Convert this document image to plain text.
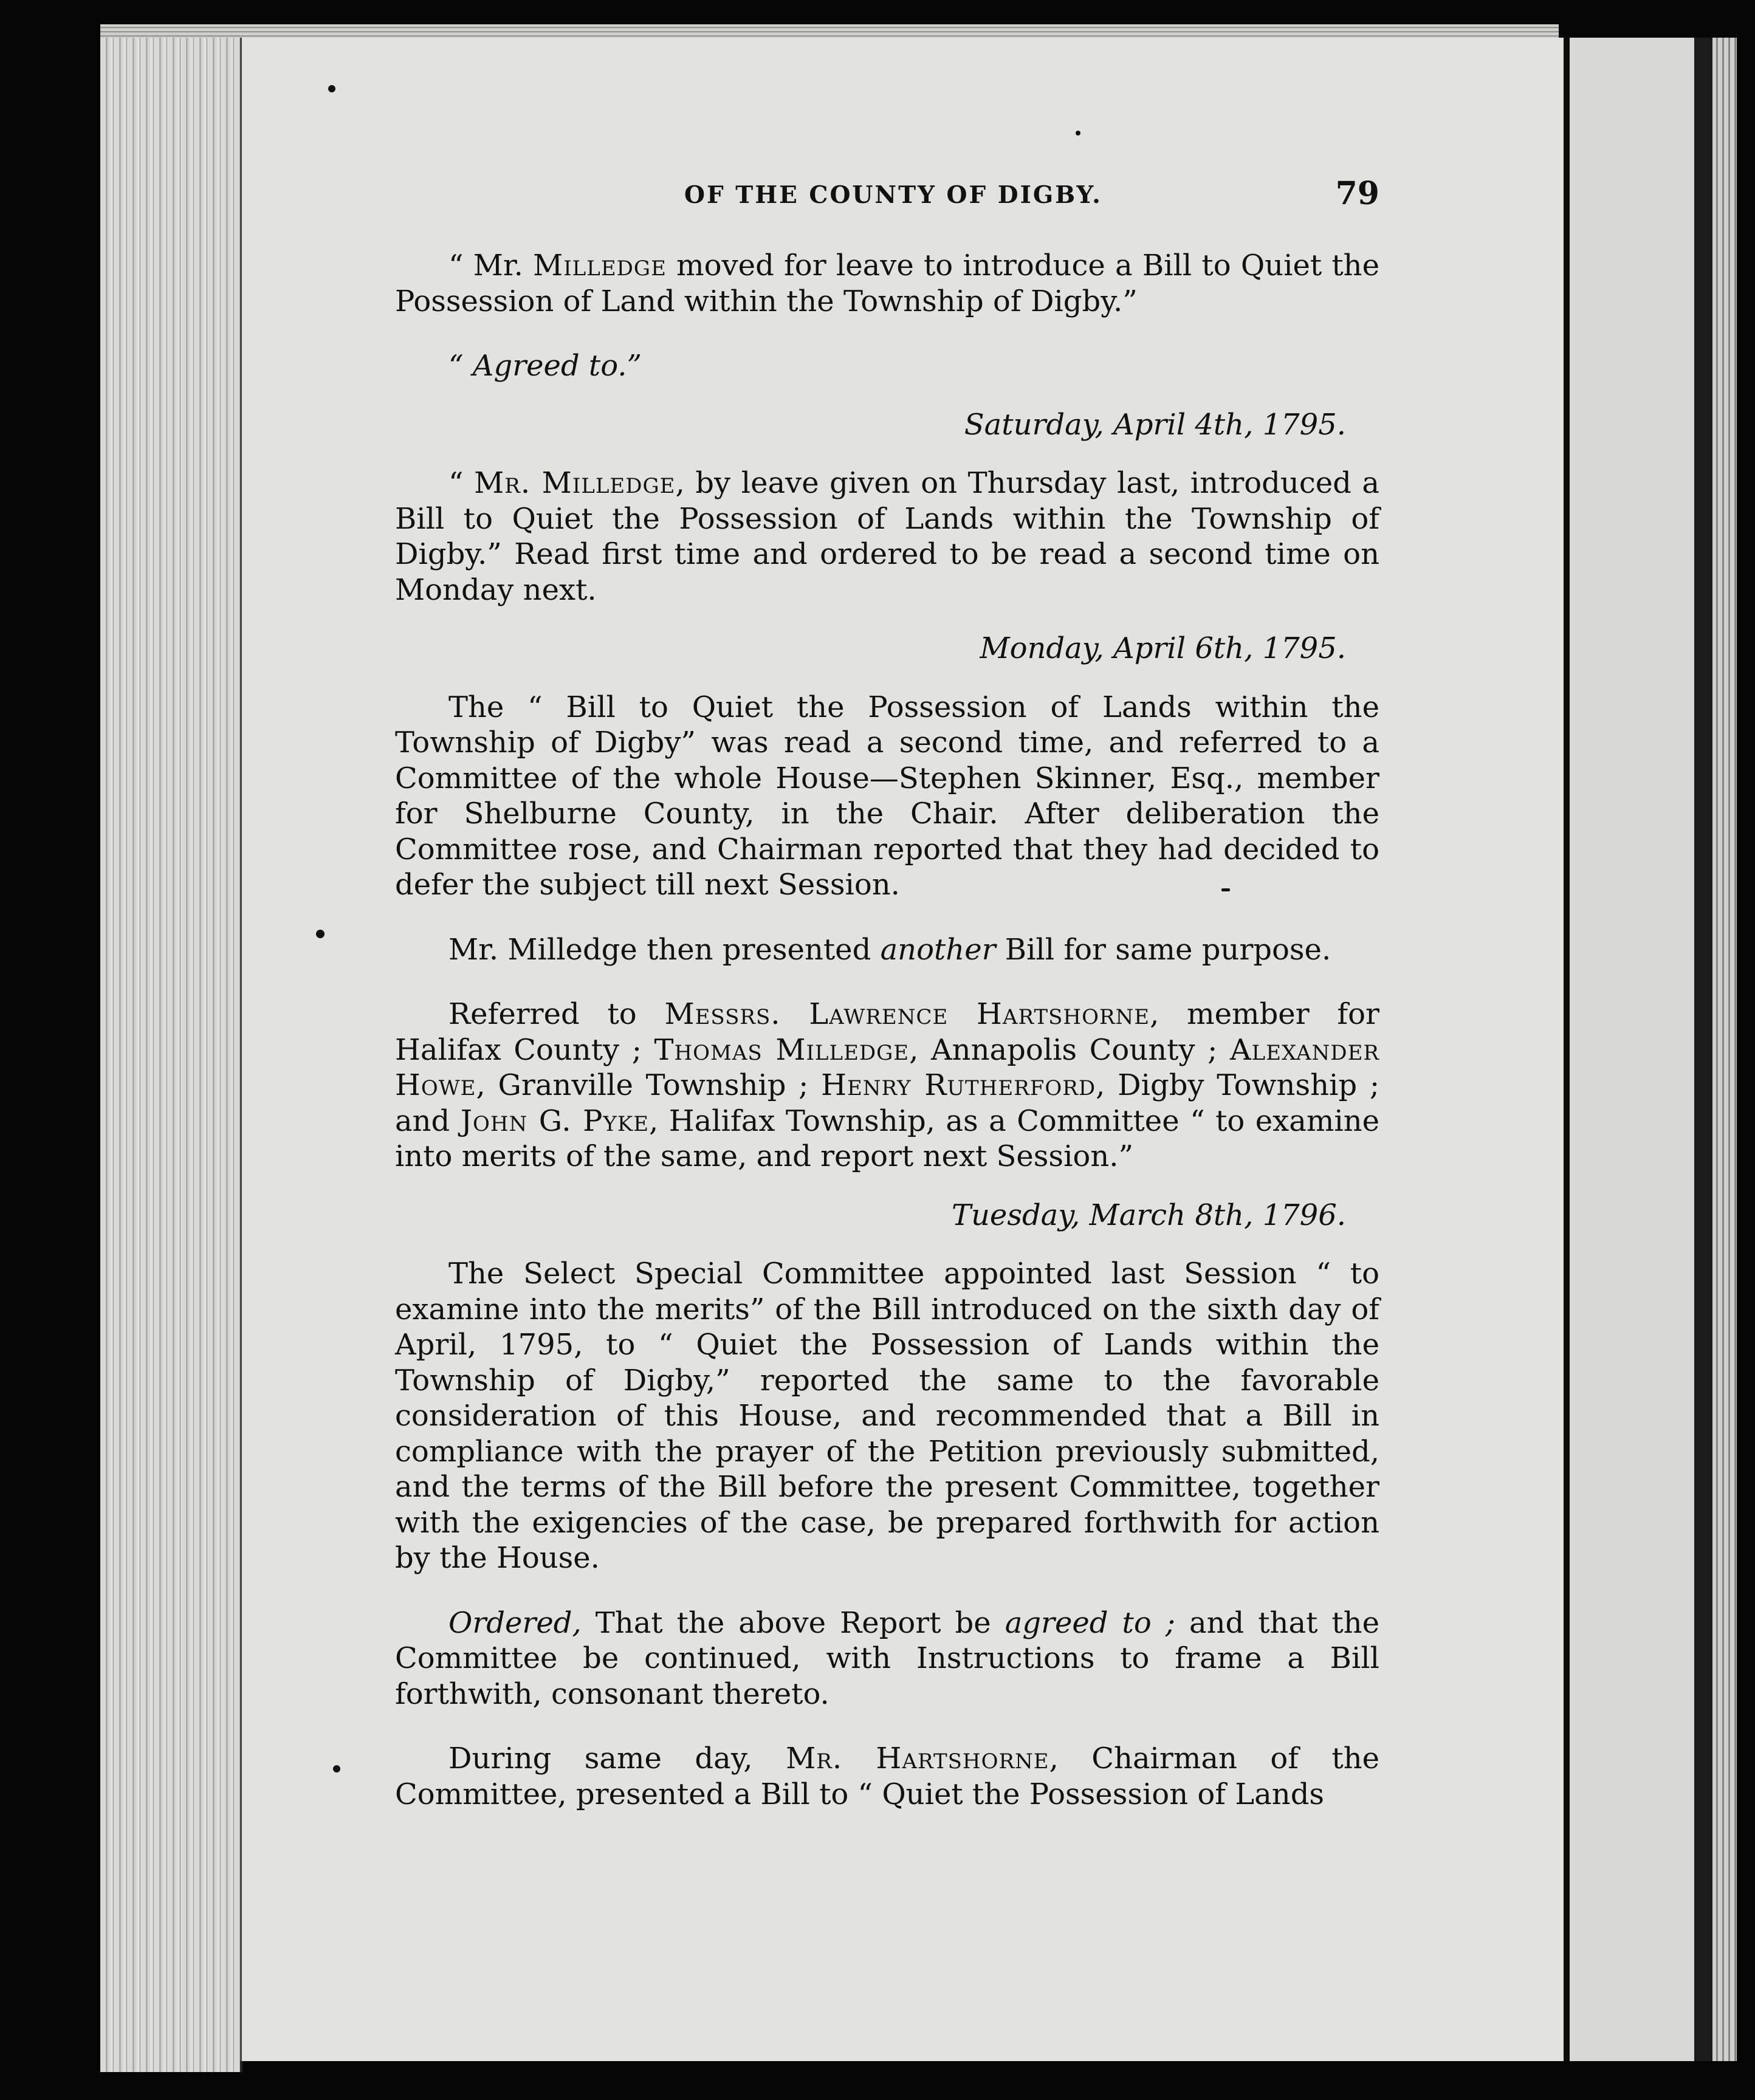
OF THE COUNTY OF DIGBY.	79

“ Mr. Milledge moved for leave to introduce a Bill to Quiet the Possession of Land within the Township of Digby.”

“ Agreed to.”

Saturday, April 4th, 1795.

“ Mr. Milledge, by leave given on Thursday last, introduced a Bill to Quiet the Possession of Lands within the Township of Digby.” Read first time and ordered to be read a second time on Monday next.

Monday, April 6th, 1795.

The “ Bill to Quiet the Possession of Lands within the Township of Digby” was read a second time, and referred to a Committee of the whole House—Stephen Skinner, Esq., member for Shelburne County, in the Chair. After deliberation the Committee rose, and Chairman reported that they had decided to defer the subject till next Session.

Mr. Milledge then presented another Bill for same purpose.

Referred to Messrs. Lawrence Hartshorne, member for Halifax County ; Thomas Milledge, Annapolis County ; Alexander Howe, Granville Township ; Henry Rutherford, Digby Township ; and John G. Pyke, Halifax Township, as a Committee “ to examine into merits of the same, and report next Session.”

Tuesday, March 8th, 1796.

The Select Special Committee appointed last Session “ to examine into the merits” of the Bill introduced on the sixth day of April, 1795, to “ Quiet the Possession of Lands within the Township of Digby,” reported the same to the favorable consideration of this House, and recommended that a Bill in compliance with the prayer of the Petition previously submitted, and the terms of the Bill before the present Committee, together with the exigencies of the case, be prepared forthwith for action by the House.

Ordered, That the above Report be agreed to ; and that the Committee be continued, with Instructions to frame a Bill forthwith, consonant thereto.

During same day, Mr. Hartshorne, Chairman of the Committee, presented a Bill to “ Quiet the Possession of Lands
